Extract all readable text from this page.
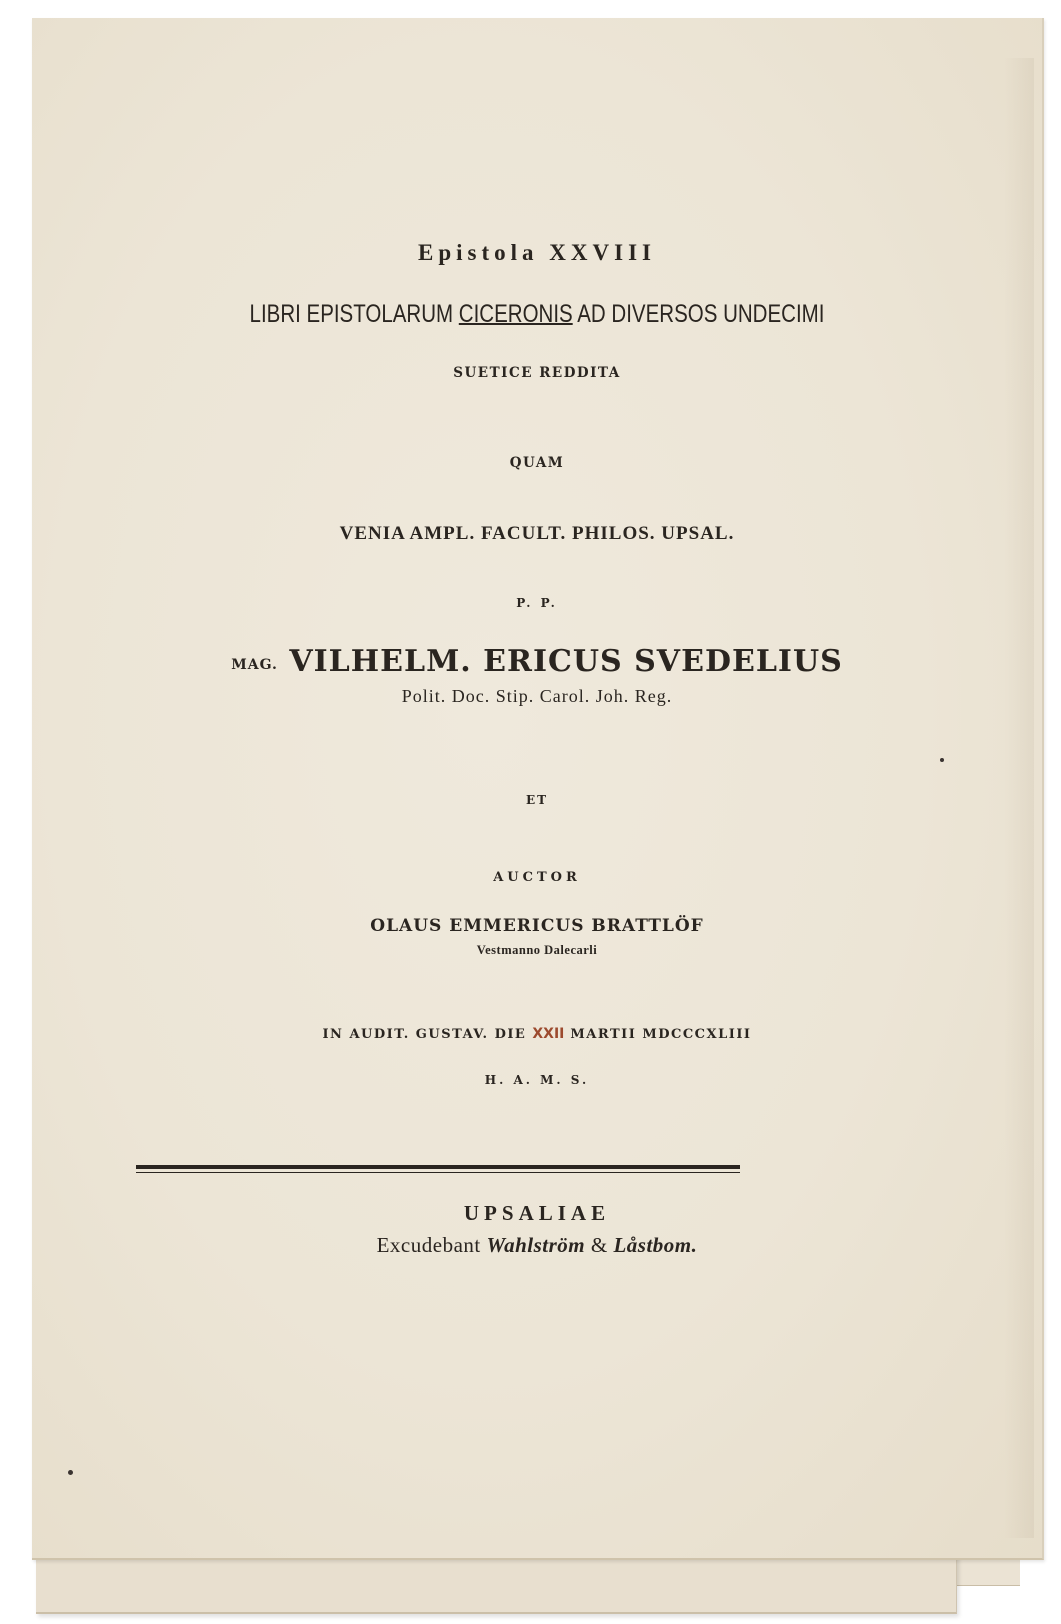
Epistola XXVIII
LIBRI EPISTOLARUM CICERONIS AD DIVERSOS UNDECIMI
SUETICE REDDITA
QUAM
VENIA AMPL. FACULT. PHILOS. UPSAL.
P. P.
MAG. VILHELM. ERICUS SVEDELIUS
Polit. Doc. Stip. Carol. Joh. Reg.
ET
AUCTOR
OLAUS EMMERICUS BRATTLÖF
Vestmanno Dalecarli
IN AUDIT. GUSTAV. DIE XXII MARTII MDCCCXLIII
H. A. M. S.
UPSALIAE
Excudebant Wahlström & Låstbom.
